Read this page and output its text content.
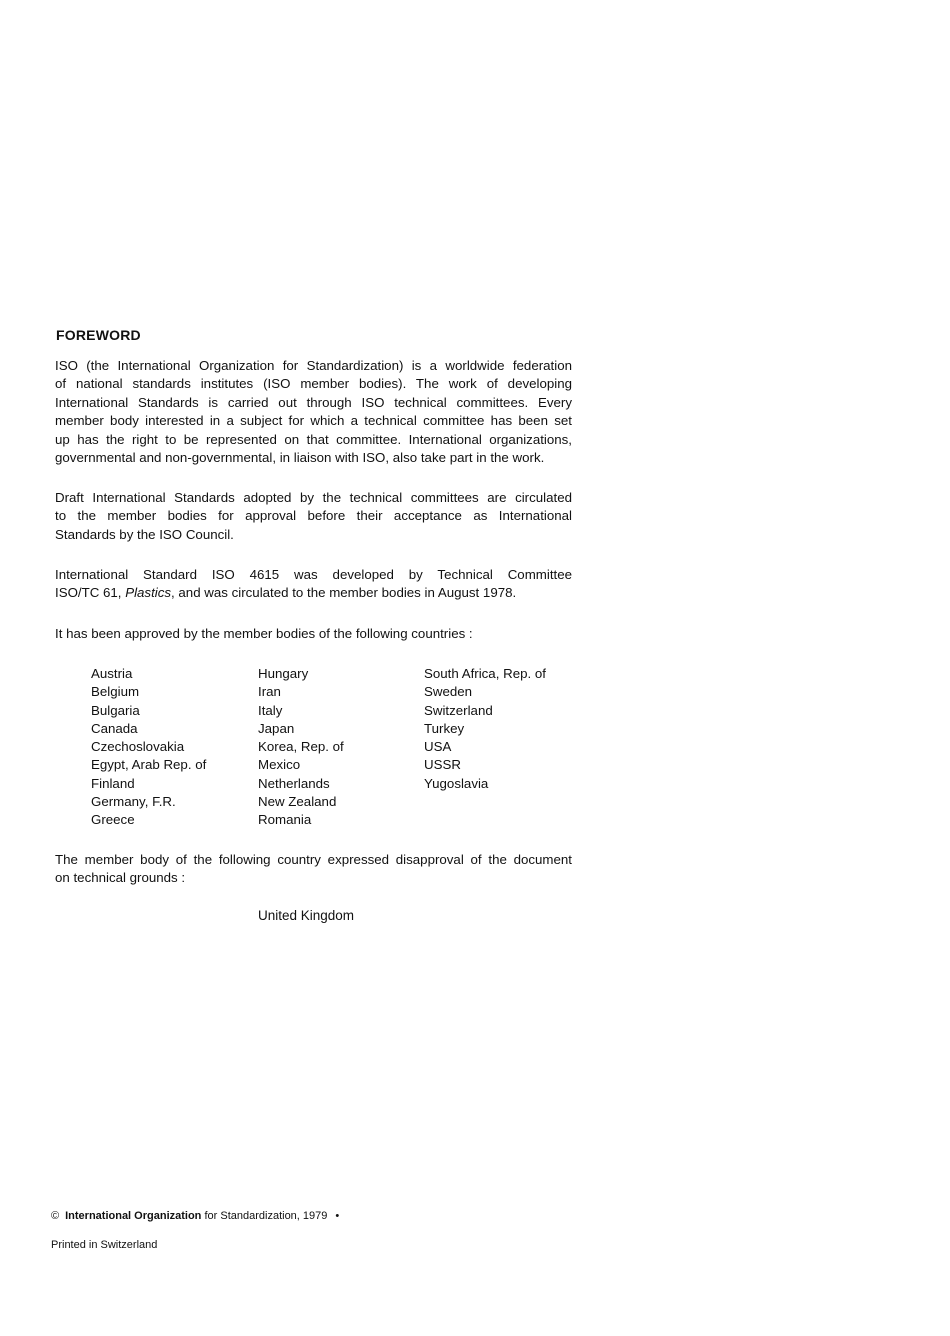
FOREWORD
ISO (the International Organization for Standardization) is a worldwide federation
of national standards institutes (ISO member bodies). The work of developing
International Standards is carried out through ISO technical committees. Every
member body interested in a subject for which a technical committee has been set
up has the right to be represented on that committee. International organizations,
governmental and non-governmental, in liaison with ISO, also take part in the work.
Draft International Standards adopted by the technical committees are circulated
to the member bodies for approval before their acceptance as International
Standards by the ISO Council.
International Standard ISO 4615 was developed by Technical Committee
ISO/TC 61, Plastics, and was circulated to the member bodies in August 1978.
It has been approved by the member bodies of the following countries :
Austria
Belgium
Bulgaria
Canada
Czechoslovakia
Egypt, Arab Rep. of
Finland
Germany, F.R.
Greece
Hungary
Iran
Italy
Japan
Korea, Rep. of
Mexico
Netherlands
New Zealand
Romania
South Africa, Rep. of
Sweden
Switzerland
Turkey
USA
USSR
Yugoslavia
The member body of the following country expressed disapproval of the document
on technical grounds :
United Kingdom
© International Organization for Standardization, 1979 •
Printed in Switzerland
